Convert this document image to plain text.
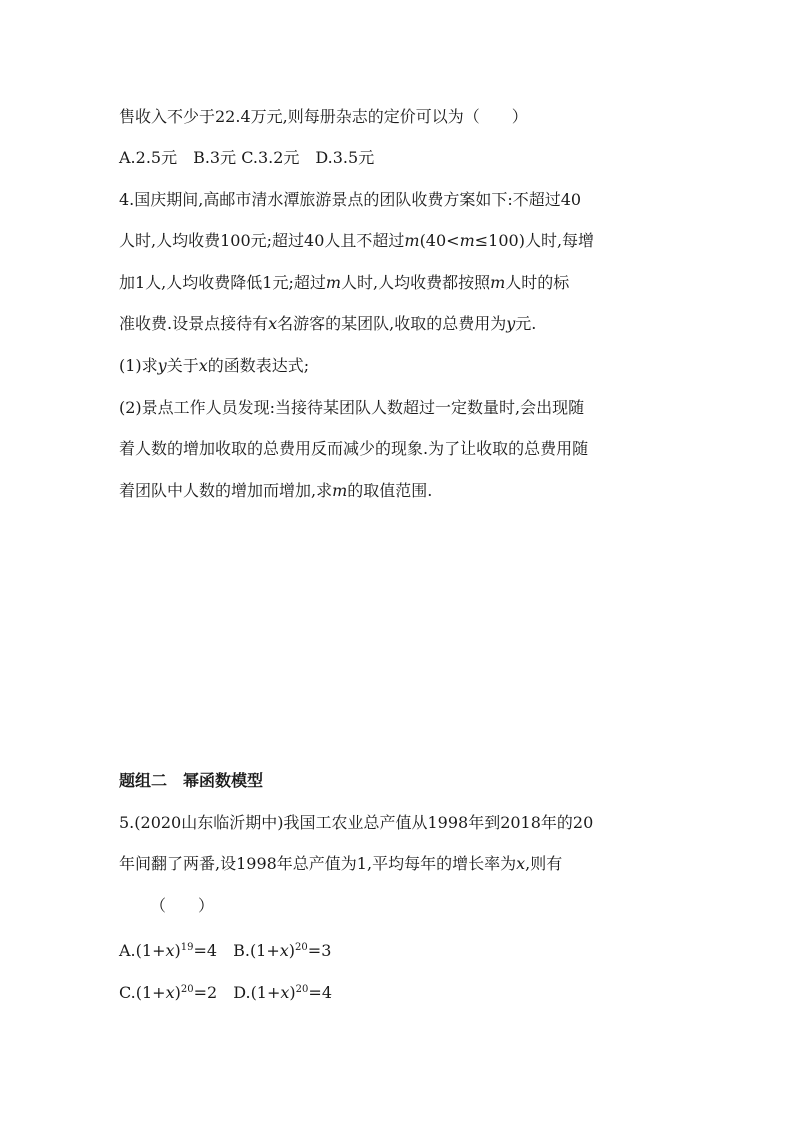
售收入不少于22.4万元,则每册杂志的定价可以为（　　）
A.2.5元　B.3元 C.3.2元　D.3.5元
4.国庆期间,高邮市清水潭旅游景点的团队收费方案如下:不超过40
人时,人均收费100元;超过40人且不超过m(40<m≤100)人时,每增
加1人,人均收费降低1元;超过m人时,人均收费都按照m人时的标
准收费.设景点接待有x名游客的某团队,收取的总费用为y元.
(1)求y关于x的函数表达式;
(2)景点工作人员发现:当接待某团队人数超过一定数量时,会出现随
着人数的增加收取的总费用反而减少的现象.为了让收取的总费用随
着团队中人数的增加而增加,求m的取值范围.
题组二　幂函数模型
5.(2020山东临沂期中)我国工农业总产值从1998年到2018年的20
年间翻了两番,设1998年总产值为1,平均每年的增长率为x,则有
（　　）
$A.(1+x)^{19}=4$　 $B.(1+x)^{20}=3$
$C.(1+x)^{20}=2$　 $D.(1+x)^{20}=4$
